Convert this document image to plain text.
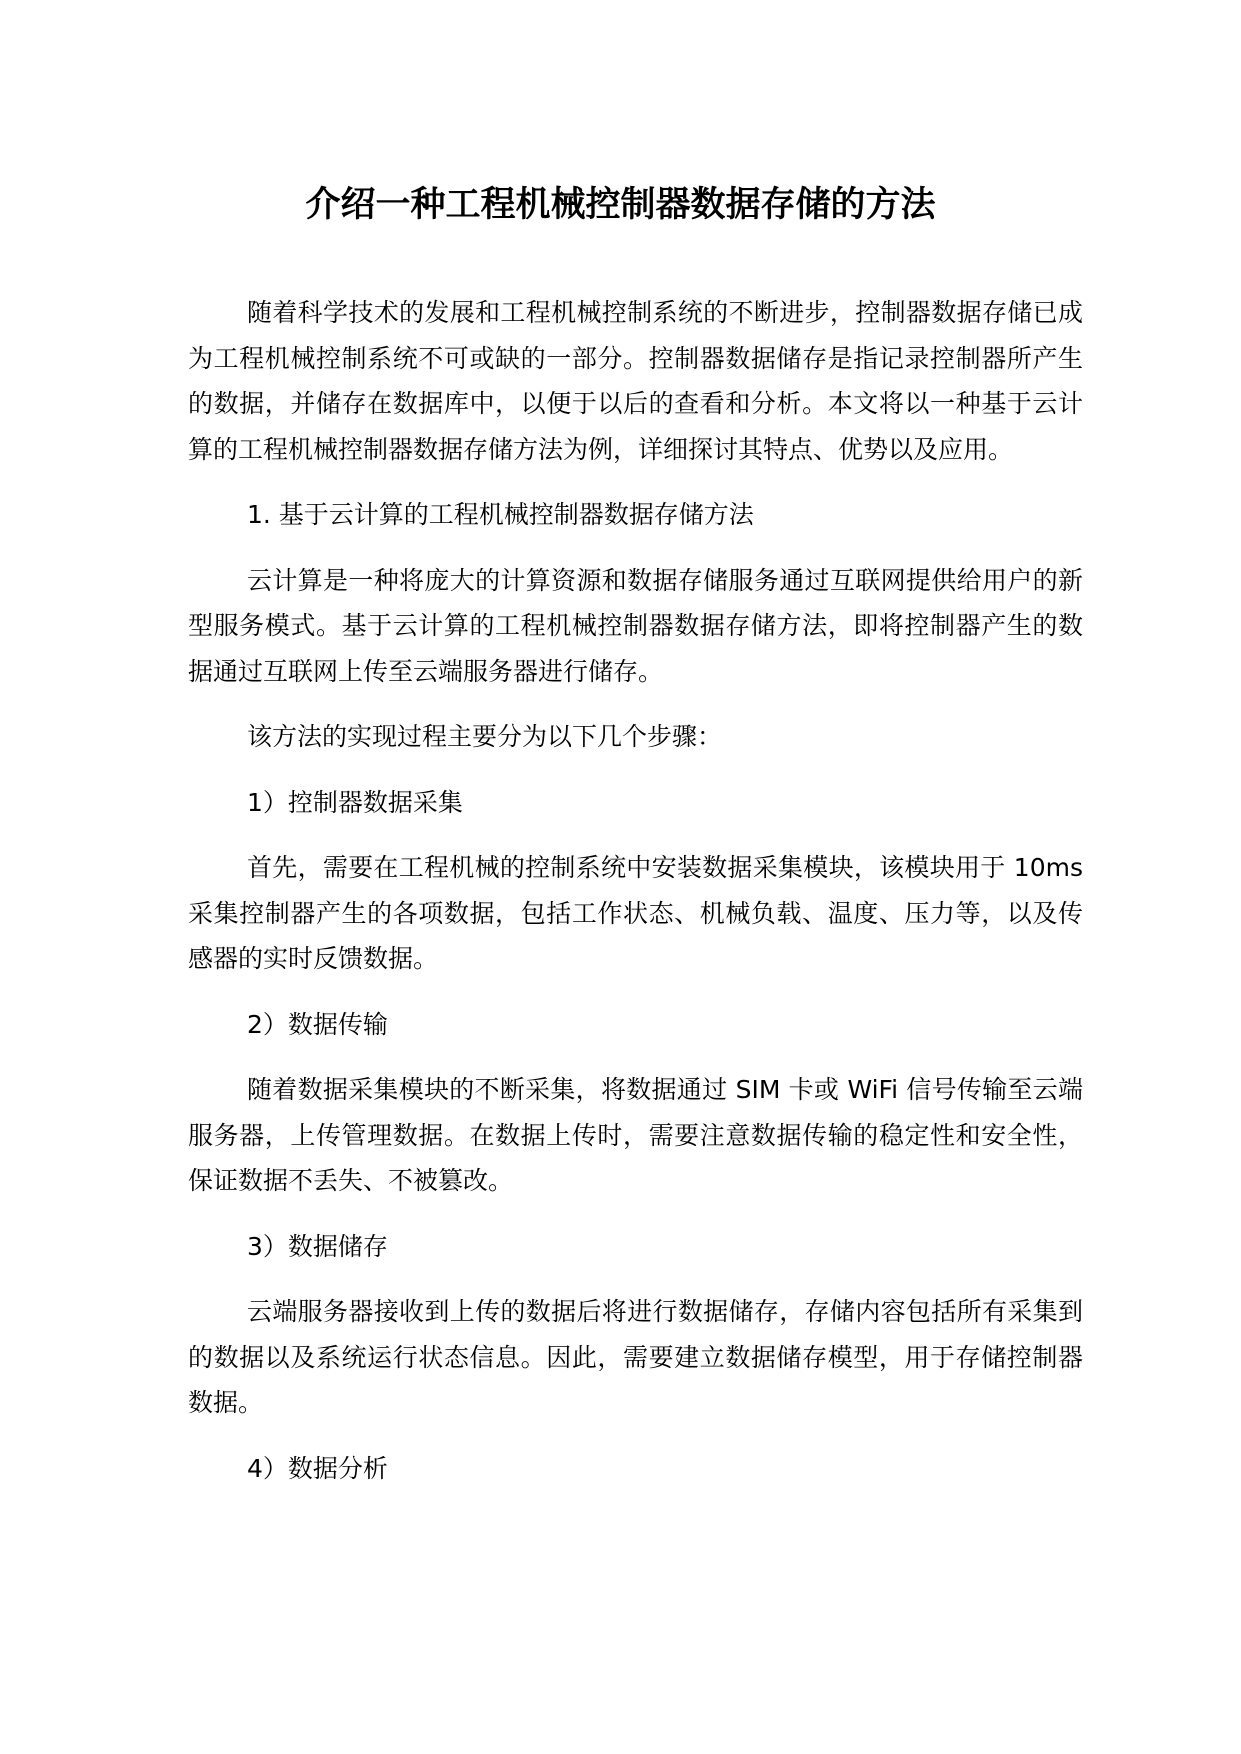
介绍一种工程机械控制器数据存储的方法

随着科学技术的发展和工程机械控制系统的不断进步，控制器数据存储已成为工程机械控制系统不可或缺的一部分。控制器数据储存是指记录控制器所产生的数据，并储存在数据库中，以便于以后的查看和分析。本文将以一种基于云计算的工程机械控制器数据存储方法为例，详细探讨其特点、优势以及应用。

1. 基于云计算的工程机械控制器数据存储方法

云计算是一种将庞大的计算资源和数据存储服务通过互联网提供给用户的新型服务模式。基于云计算的工程机械控制器数据存储方法，即将控制器产生的数据通过互联网上传至云端服务器进行储存。

该方法的实现过程主要分为以下几个步骤：

1）控制器数据采集

首先，需要在工程机械的控制系统中安装数据采集模块，该模块用于 10ms 采集控制器产生的各项数据，包括工作状态、机械负载、温度、压力等，以及传感器的实时反馈数据。

2）数据传输

随着数据采集模块的不断采集，将数据通过 SIM 卡或 WiFi 信号传输至云端服务器，上传管理数据。在数据上传时，需要注意数据传输的稳定性和安全性，保证数据不丢失、不被篡改。

3）数据储存

云端服务器接收到上传的数据后将进行数据储存，存储内容包括所有采集到的数据以及系统运行状态信息。因此，需要建立数据储存模型，用于存储控制器数据。

4）数据分析
